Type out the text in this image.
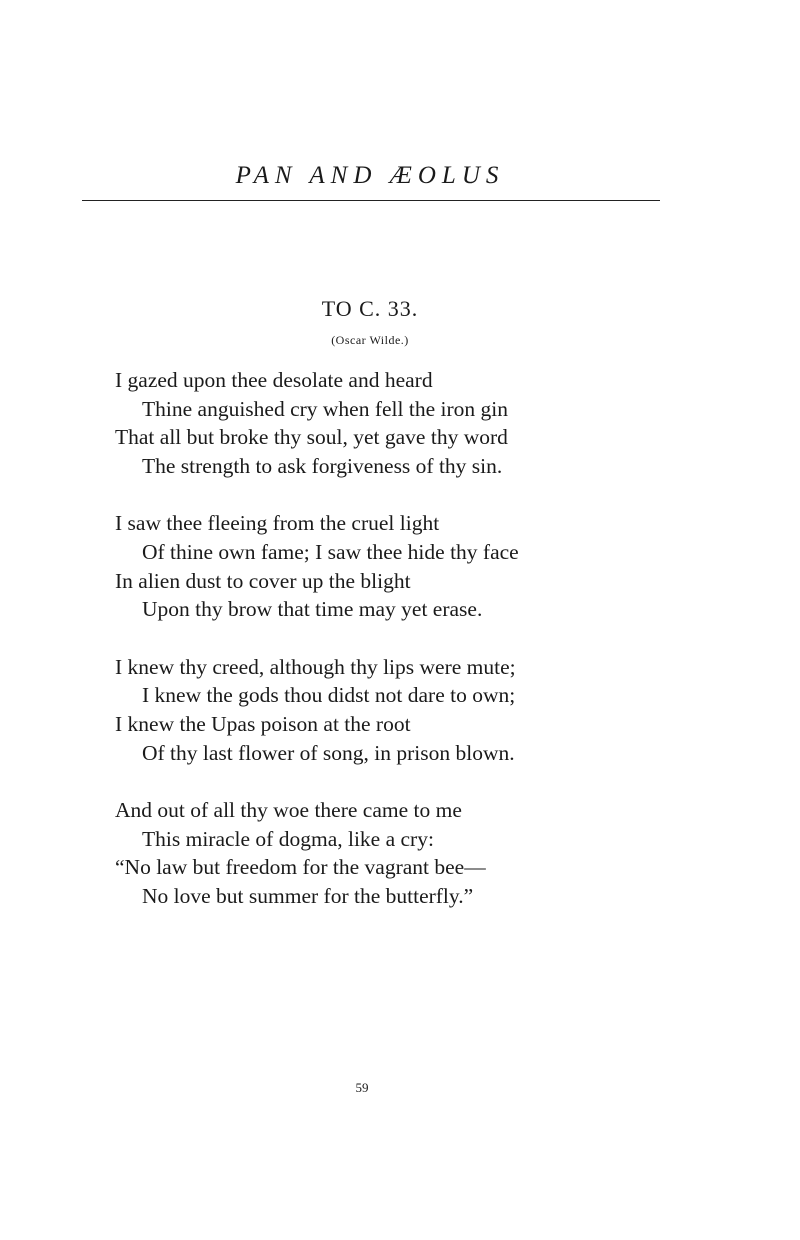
PAN AND ÆOLUS
TO C. 33.
(Oscar Wilde.)
I gazed upon thee desolate and heard
Thine anguished cry when fell the iron gin
That all but broke thy soul, yet gave thy word
The strength to ask forgiveness of thy sin.
I saw thee fleeing from the cruel light
Of thine own fame; I saw thee hide thy face
In alien dust to cover up the blight
Upon thy brow that time may yet erase.
I knew thy creed, although thy lips were mute;
I knew the gods thou didst not dare to own;
I knew the Upas poison at the root
Of thy last flower of song, in prison blown.
And out of all thy woe there came to me
This miracle of dogma, like a cry:
“No law but freedom for the vagrant bee—
No love but summer for the butterfly.”
59
